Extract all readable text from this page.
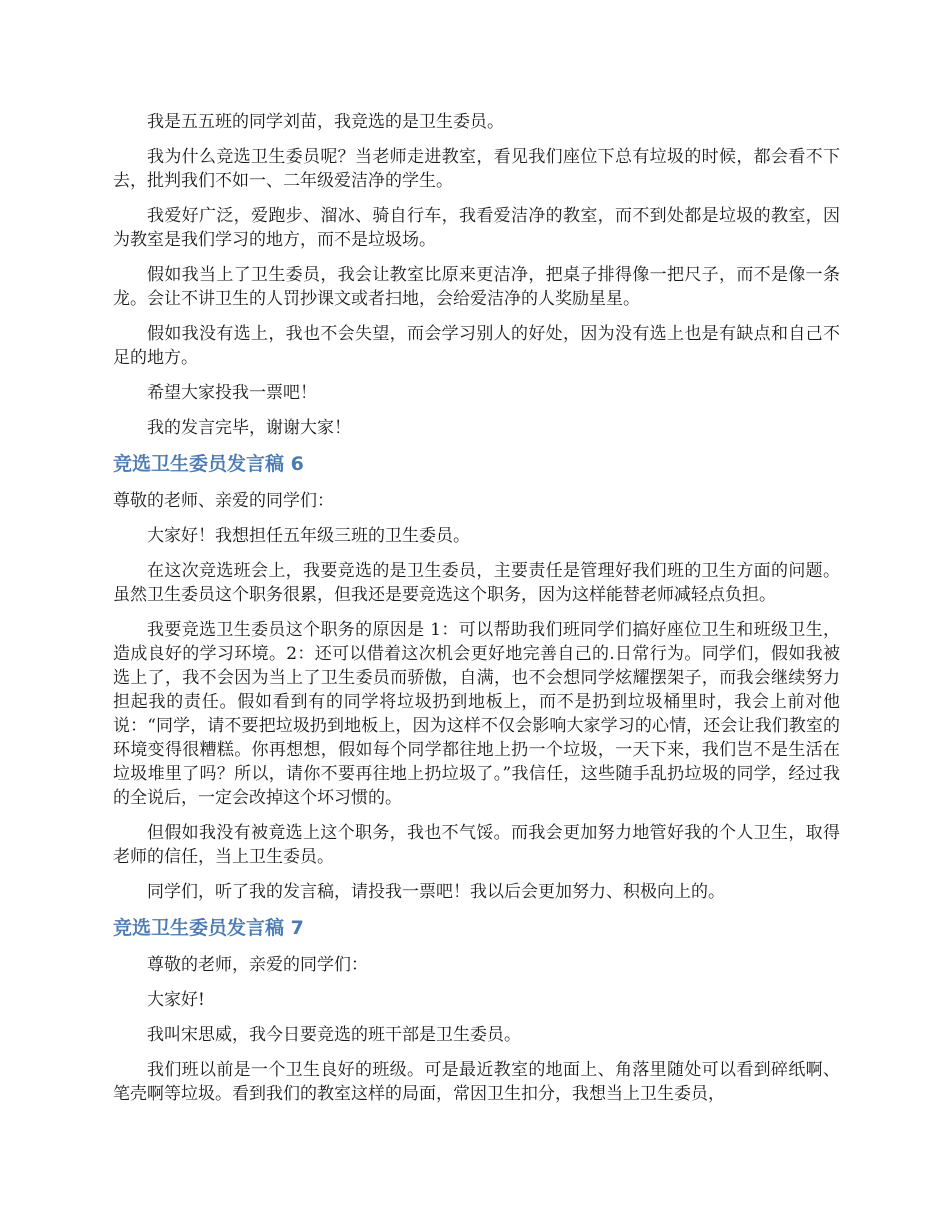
我是五五班的同学刘苗，我竞选的是卫生委员。

我为什么竞选卫生委员呢？当老师走进教室，看见我们座位下总有垃圾的时候，都会看不下去，批判我们不如一、二年级爱洁净的学生。

我爱好广泛，爱跑步、溜冰、骑自行车，我看爱洁净的教室，而不到处都是垃圾的教室，因为教室是我们学习的地方，而不是垃圾场。

假如我当上了卫生委员，我会让教室比原来更洁净，把桌子排得像一把尺子，而不是像一条龙。会让不讲卫生的人罚抄课文或者扫地，会给爱洁净的人奖励星星。

假如我没有选上，我也不会失望，而会学习别人的好处，因为没有选上也是有缺点和自己不足的地方。

希望大家投我一票吧！

我的发言完毕，谢谢大家！

竞选卫生委员发言稿 6

尊敬的老师、亲爱的同学们：

大家好！我想担任五年级三班的卫生委员。

在这次竞选班会上，我要竞选的是卫生委员，主要责任是管理好我们班的卫生方面的问题。虽然卫生委员这个职务很累，但我还是要竞选这个职务，因为这样能替老师减轻点负担。

我要竞选卫生委员这个职务的原因是 1：可以帮助我们班同学们搞好座位卫生和班级卫生，造成良好的学习环境。2：还可以借着这次机会更好地完善自己的.日常行为。同学们，假如我被选上了，我不会因为当上了卫生委员而骄傲，自满，也不会想同学炫耀摆架子，而我会继续努力担起我的责任。假如看到有的同学将垃圾扔到地板上，而不是扔到垃圾桶里时，我会上前对他说：“同学，请不要把垃圾扔到地板上，因为这样不仅会影响大家学习的心情，还会让我们教室的环境变得很糟糕。你再想想，假如每个同学都往地上扔一个垃圾，一天下来，我们岂不是生活在垃圾堆里了吗？所以，请你不要再往地上扔垃圾了。”我信任，这些随手乱扔垃圾的同学，经过我的全说后，一定会改掉这个坏习惯的。

但假如我没有被竟选上这个职务，我也不气馁。而我会更加努力地管好我的个人卫生，取得老师的信任，当上卫生委员。

同学们，听了我的发言稿，请投我一票吧！我以后会更加努力、积极向上的。

竞选卫生委员发言稿 7

尊敬的老师，亲爱的同学们：

大家好!

我叫宋思威，我今日要竞选的班干部是卫生委员。

我们班以前是一个卫生良好的班级。可是最近教室的地面上、角落里随处可以看到碎纸啊、笔壳啊等垃圾。看到我们的教室这样的局面，常因卫生扣分，我想当上卫生委员，
